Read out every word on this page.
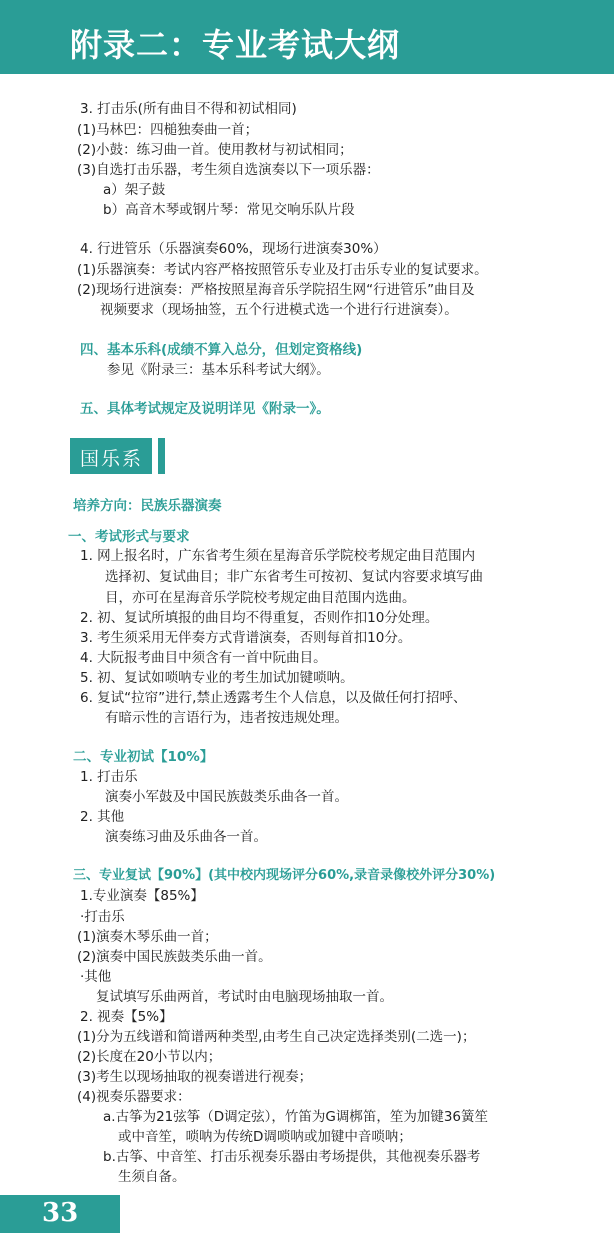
附录二：专业考试大纲
3. 打击乐(所有曲目不得和初试相同)
(1)马林巴：四槌独奏曲一首；
(2)小鼓：练习曲一首。使用教材与初试相同；
(3)自选打击乐器，考生须自选演奏以下一项乐器：
a）架子鼓
b）高音木琴或钢片琴：常见交响乐队片段
4. 行进管乐（乐器演奏60%，现场行进演奏30%）
(1)乐器演奏：考试内容严格按照管乐专业及打击乐专业的复试要求。
(2)现场行进演奏：严格按照星海音乐学院招生网“行进管乐”曲目及
视频要求（现场抽签，五个行进模式选一个进行行进演奏）。
四、基本乐科(成绩不算入总分，但划定资格线)
参见《附录三：基本乐科考试大纲》。
五、具体考试规定及说明详见《附录一》。
国乐系
培养方向：民族乐器演奏
一、考试形式与要求
1. 网上报名时，广东省考生须在星海音乐学院校考规定曲目范围内
选择初、复试曲目；非广东省考生可按初、复试内容要求填写曲
目，亦可在星海音乐学院校考规定曲目范围内选曲。
2. 初、复试所填报的曲目均不得重复，否则作扣10分处理。
3. 考生须采用无伴奏方式背谱演奏，否则每首扣10分。
4. 大阮报考曲目中须含有一首中阮曲目。
5. 初、复试如唢呐专业的考生加试加键唢呐。
6. 复试“拉帘”进行,禁止透露考生个人信息，以及做任何打招呼、
有暗示性的言语行为，违者按违规处理。
二、专业初试【10%】
1. 打击乐
演奏小军鼓及中国民族鼓类乐曲各一首。
2. 其他
演奏练习曲及乐曲各一首。
三、专业复试【90%】(其中校内现场评分60%,录音录像校外评分30%)
1.专业演奏【85%】
·打击乐
(1)演奏木琴乐曲一首；
(2)演奏中国民族鼓类乐曲一首。
·其他
复试填写乐曲两首，考试时由电脑现场抽取一首。
2. 视奏【5%】
(1)分为五线谱和简谱两种类型,由考生自己决定选择类别(二选一)；
(2)长度在20小节以内；
(3)考生以现场抽取的视奏谱进行视奏；
(4)视奏乐器要求：
a.古筝为21弦筝（D调定弦），竹笛为G调梆笛，笙为加键36簧笙
或中音笙，唢呐为传统D调唢呐或加键中音唢呐；
b.古筝、中音笙、打击乐视奏乐器由考场提供，其他视奏乐器考
生须自备。
33
